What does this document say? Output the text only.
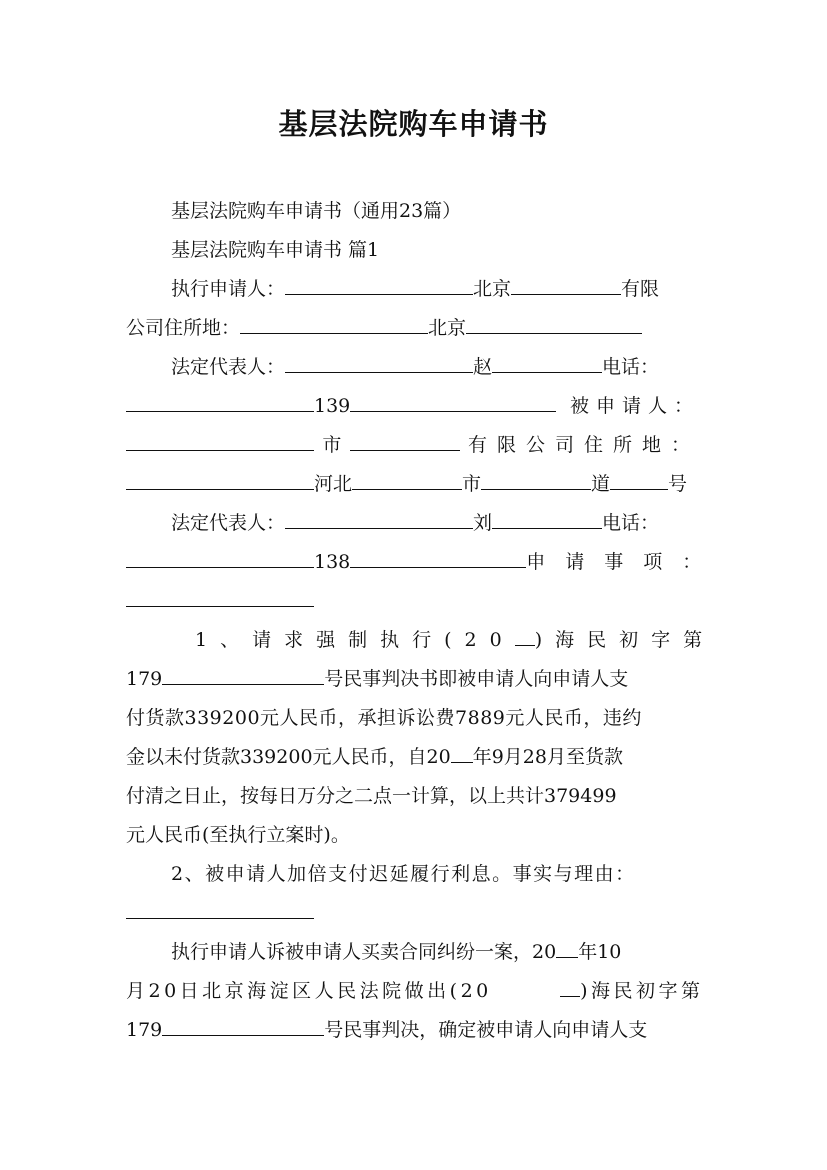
基层法院购车申请书
基层法院购车申请书（通用23篇）
基层法院购车申请书 篇1
执行申请人：	北京	有限
公司住所地：	北京
法定代表人：	赵	电话：
139	被申请人：
市	有限公司住所地：
河北	市	道	号
法定代表人：	刘	电话：
138	申请事项：
1、请求强制执行(20	)海民初字第
179	号民事判决书即被申请人向申请人支
付货款339200元人民币，承担诉讼费7889元人民币，违约
金以未付货款339200元人民币，自20 年9月28月至货款
付清之日止，按每日万分之二点一计算，以上共计379499
元人民币(至执行立案时)。
2、被申请人加倍支付迟延履行利息。事实与理由：
执行申请人诉被申请人买卖合同纠纷一案，20 年10
月20日北京海淀区人民法院做出(20	)海民初字第
179	号民事判决，确定被申请人向申请人支
